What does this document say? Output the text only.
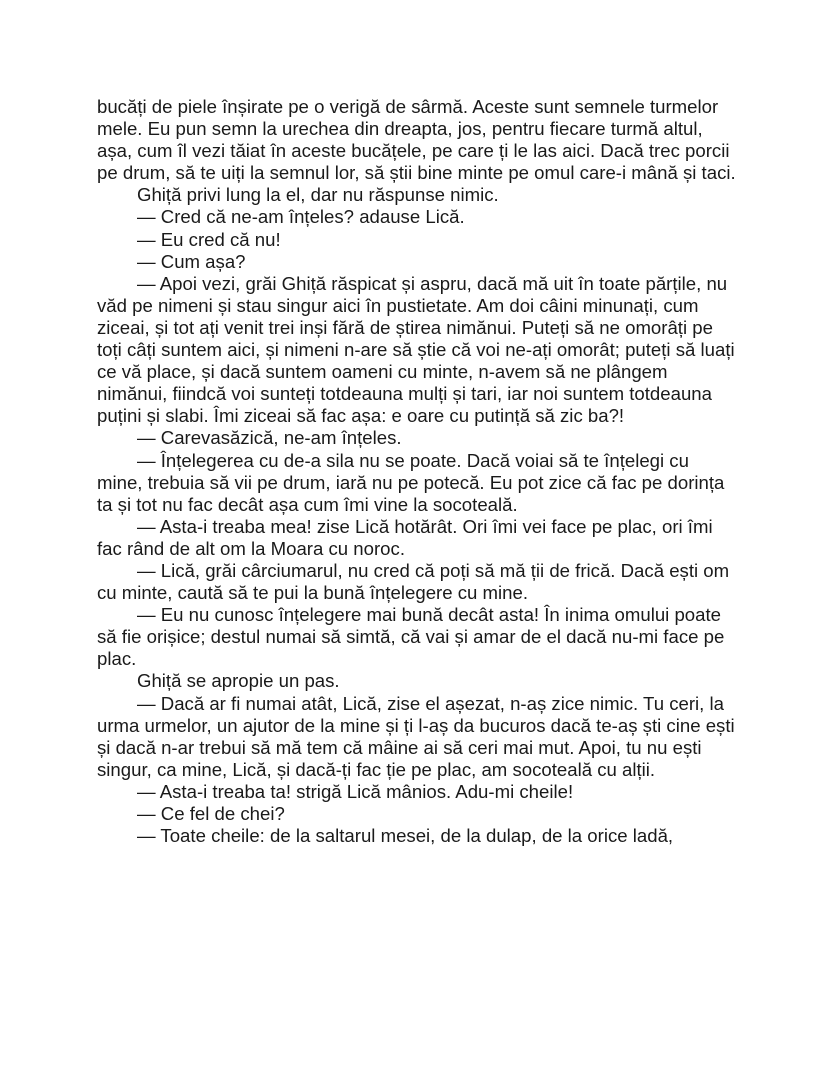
bucăți de piele înșirate pe o verigă de sârmă. Aceste sunt semnele turmelor mele. Eu pun semn la urechea din dreapta, jos, pentru fiecare turmă altul, așa, cum îl vezi tăiat în aceste bucățele, pe care ți le las aici. Dacă trec porcii pe drum, să te uiți la semnul lor, să știi bine minte pe omul care-i mână și taci.

Ghiță privi lung la el, dar nu răspunse nimic.

— Cred că ne-am înțeles? adause Lică.

— Eu cred că nu!

— Cum așa?

— Apoi vezi, grăi Ghiță răspicat și aspru, dacă mă uit în toate părțile, nu văd pe nimeni și stau singur aici în pustietate. Am doi câini minunați, cum ziceai, și tot ați venit trei inși fără de știrea nimănui. Puteți să ne omorâți pe toți câți suntem aici, și nimeni n-are să știe că voi ne-ați omorât; puteți să luați ce vă place, și dacă suntem oameni cu minte, n-avem să ne plângem nimănui, fiindcă voi sunteți totdeauna mulți și tari, iar noi suntem totdeauna puțini și slabi. Îmi ziceai să fac așa: e oare cu putință să zic ba?!

— Carevasăzică, ne-am înțeles.

— Înțelegerea cu de-a sila nu se poate. Dacă voiai să te înțelegi cu mine, trebuia să vii pe drum, iară nu pe potecă. Eu pot zice că fac pe dorința ta și tot nu fac decât așa cum îmi vine la socoteală.

— Asta-i treaba mea! zise Lică hotărât. Ori îmi vei face pe plac, ori îmi fac rând de alt om la Moara cu noroc.

— Lică, grăi cârciumarul, nu cred că poți să mă ții de frică. Dacă ești om cu minte, caută să te pui la bună înțelegere cu mine.

— Eu nu cunosc înțelegere mai bună decât asta! În inima omului poate să fie orișice; destul numai să simtă, că vai și amar de el dacă nu-mi face pe plac.

Ghiță se apropie un pas.

— Dacă ar fi numai atât, Lică, zise el așezat, n-aș zice nimic. Tu ceri, la urma urmelor, un ajutor de la mine și ți l-aș da bucuros dacă te-aș ști cine ești și dacă n-ar trebui să mă tem că mâine ai să ceri mai mut. Apoi, tu nu ești singur, ca mine, Lică, și dacă-ți fac ție pe plac, am socoteală cu alții.

— Asta-i treaba ta! strigă Lică mânios. Adu-mi cheile!

— Ce fel de chei?

— Toate cheile: de la saltarul mesei, de la dulap, de la orice ladă,
